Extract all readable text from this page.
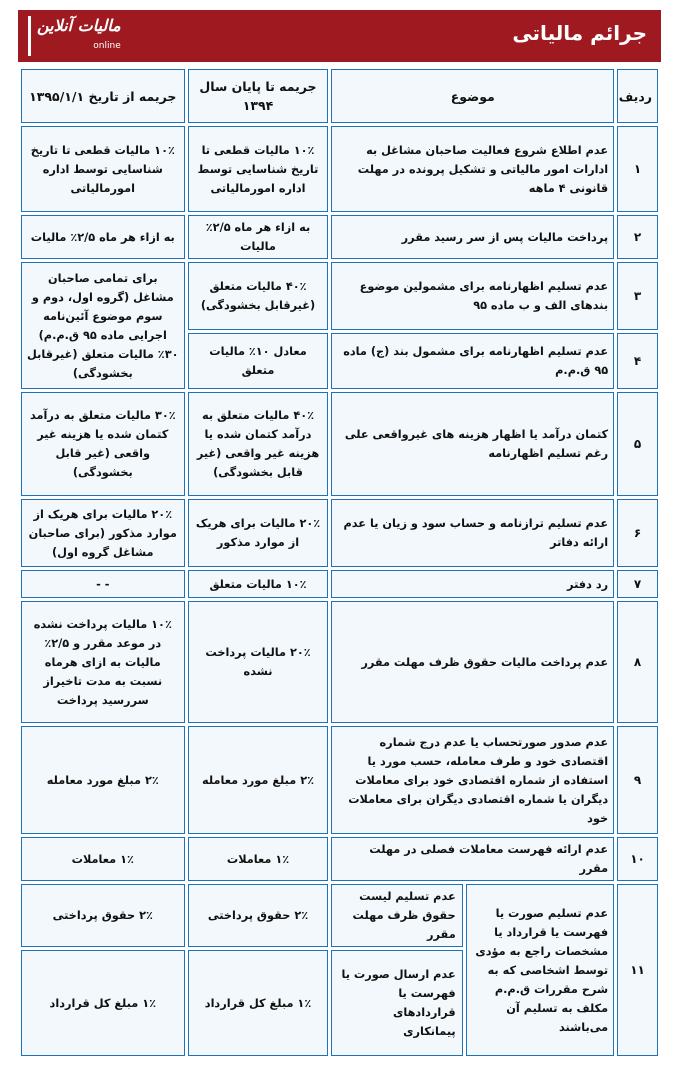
جرائم مالیاتی
مالیات آنلاین
online
ردیف	موضوع		جریمه تا پایان سال ۱۳۹۴	جریمه از تاریخ ۱۳۹۵/۱/۱
۱	عدم اطلاع شروع فعالیت صاحبان مشاغل به ادارات امور مالیاتی و تشکیل پرونده در مهلت قانونی ۴ ماهه		۱۰٪ مالیات قطعی تا تاریخ شناسایی توسط اداره امورمالیاتی	۱۰٪ مالیات قطعی تا تاریخ شناسایی توسط اداره امورمالیاتی
۲	پرداخت مالیات پس از سر رسید مقرر		به ازاء هر ماه ۲/۵٪ مالیات	به ازاء هر ماه ۲/۵٪ مالیات
۳	عدم تسلیم اظهارنامه برای مشمولین موضوع بندهای الف و ب ماده ۹۵		۴۰٪ مالیات متعلق (غیرقابل بخشودگی)	برای تمامی صاحبان مشاغل (گروه اول، دوم و سوم موضوع آئین‌نامه اجرایی ماده ۹۵ ق.م.م) ۳۰٪ مالیات متعلق (غیرقابل بخشودگی)
۴	عدم تسلیم اظهارنامه برای مشمول بند (ج) ماده ۹۵ ق.م.م		معادل ۱۰٪ مالیات متعلق	
۵	کتمان درآمد یا اظهار هزینه های غیرواقعی علی رغم تسلیم اظهارنامه		۴۰٪ مالیات متعلق به درآمد کتمان شده یا هزینه غیر واقعی (غیر قابل بخشودگی)	۳۰٪ مالیات متعلق به درآمد کتمان شده یا هزینه غیر واقعی (غیر قابل بخشودگی)
۶	عدم تسلیم ترازنامه و حساب سود و زیان یا عدم ارائه دفاتر		۲۰٪ مالیات برای هریک از موارد مذکور	۲۰٪ مالیات برای هریک از موارد مذکور (برای صاحبان مشاغل گروه اول)
۷	رد دفتر		۱۰٪ مالیات متعلق	- -
۸	عدم پرداخت مالیات حقوق ظرف مهلت مقرر		۲۰٪ مالیات پرداخت نشده	۱۰٪ مالیات پرداخت نشده در موعد مقرر و ۲/۵٪ مالیات به ازای هرماه نسبت به مدت تاخیراز سررسید پرداخت
۹	عدم صدور صورتحساب یا عدم درج شماره اقتصادی خود و طرف معامله، حسب مورد یا استفاده از شماره اقتصادی خود برای معاملات دیگران یا شماره اقتصادی دیگران برای معاملات خود		۲٪ مبلغ مورد معامله	۲٪ مبلغ مورد معامله
۱۰	عدم ارائه فهرست معاملات فصلی در مهلت مقرر		۱٪ معاملات	۱٪ معاملات
۱۱	عدم تسلیم صورت یا فهرست یا قرارداد یا مشخصات راجع به مؤدی توسط اشخاصی که به شرح مقررات ق.م.م مکلف به تسلیم آن می‌باشند	عدم تسلیم لیست حقوق ظرف مهلت مقرر	۲٪ حقوق پرداختی	۲٪ حقوق پرداختی
		عدم ارسال صورت یا فهرست یا قراردادهای پیمانکاری	۱٪ مبلغ کل قرارداد	۱٪ مبلغ کل قرارداد
